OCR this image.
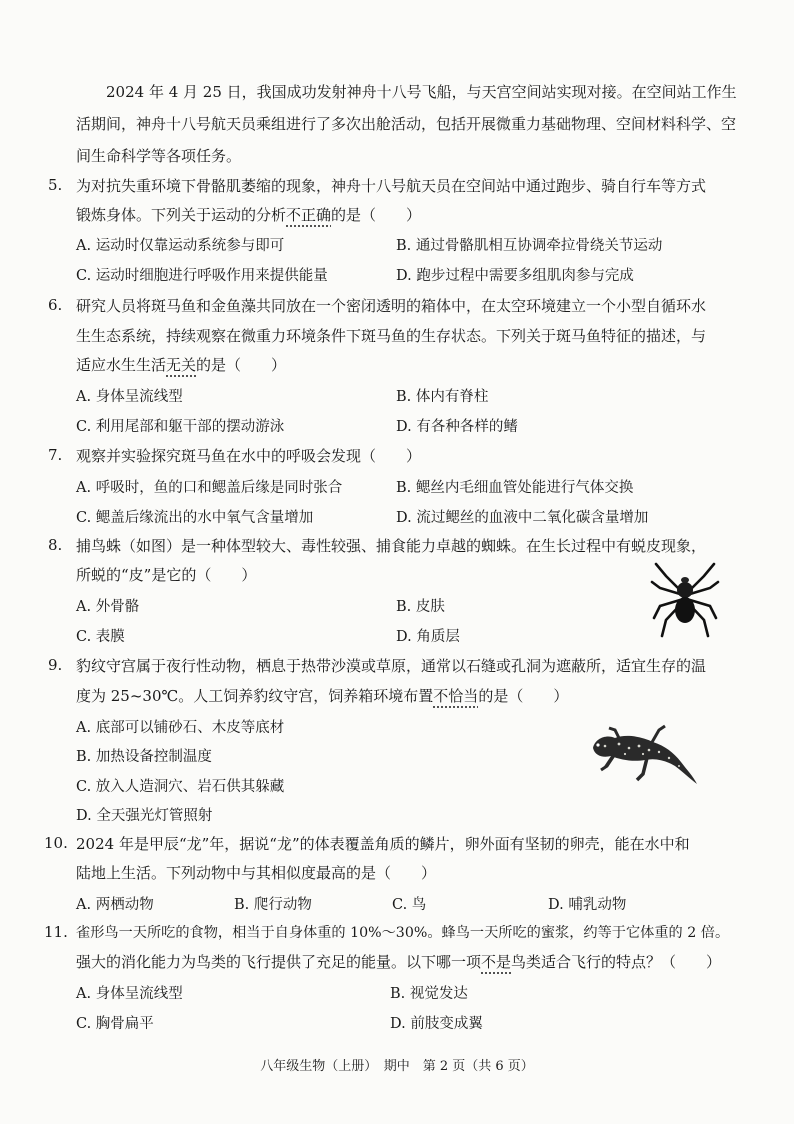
2024 年 4 月 25 日，我国成功发射神舟十八号飞船，与天宫空间站实现对接。在空间站工作生活期间，神舟十八号航天员乘组进行了多次出舱活动，包括开展微重力基础物理、空间材料科学、空间生命科学等各项任务。

5. 为对抗失重环境下骨骼肌萎缩的现象，神舟十八号航天员在空间站中通过跑步、骑自行车等方式
锻炼身体。下列关于运动的分析不正确的是（　　）
A. 运动时仅靠运动系统参与即可	B. 通过骨骼肌相互协调牵拉骨绕关节运动
C. 运动时细胞进行呼吸作用来提供能量	D. 跑步过程中需要多组肌肉参与完成
6. 研究人员将斑马鱼和金鱼藻共同放在一个密闭透明的箱体中，在太空环境建立一个小型自循环水
生生态系统，持续观察在微重力环境条件下斑马鱼的生存状态。下列关于斑马鱼特征的描述，与
适应水生生活无关的是（　　）
A. 身体呈流线型	B. 体内有脊柱
C. 利用尾部和躯干部的摆动游泳	D. 有各种各样的鳍
7. 观察并实验探究斑马鱼在水中的呼吸会发现（　　）
A. 呼吸时，鱼的口和鳃盖后缘是同时张合	B. 鳃丝内毛细血管处能进行气体交换
C. 鳃盖后缘流出的水中氧气含量增加	D. 流过鳃丝的血液中二氧化碳含量增加
8. 捕鸟蛛（如图）是一种体型较大、毒性较强、捕食能力卓越的蜘蛛。在生长过程中有蜕皮现象，
所蜕的“皮”是它的（　　）
A. 外骨骼	B. 皮肤
C. 表膜	D. 角质层
9. 豹纹守宫属于夜行性动物，栖息于热带沙漠或草原，通常以石缝或孔洞为遮蔽所，适宜生存的温
度为 25~30℃。人工饲养豹纹守宫，饲养箱环境布置不恰当的是（　　）
A. 底部可以铺砂石、木皮等底材
B. 加热设备控制温度
C. 放入人造洞穴、岩石供其躲藏
D. 全天强光灯管照射
10. 2024 年是甲辰“龙”年，据说“龙”的体表覆盖角质的鳞片，卵外面有坚韧的卵壳，能在水中和
陆地上生活。下列动物中与其相似度最高的是（　　）
A. 两栖动物	B. 爬行动物	C. 鸟	D. 哺乳动物
11. 雀形鸟一天所吃的食物，相当于自身体重的 10%～30%。蜂鸟一天所吃的蜜浆，约等于它体重的 2 倍。
强大的消化能力为鸟类的飞行提供了充足的能量。以下哪一项不是鸟类适合飞行的特点？（　　）
A. 身体呈流线型	B. 视觉发达
C. 胸骨扁平	D. 前肢变成翼
八年级生物（上册）　期中　第 2 页（共 6 页）
